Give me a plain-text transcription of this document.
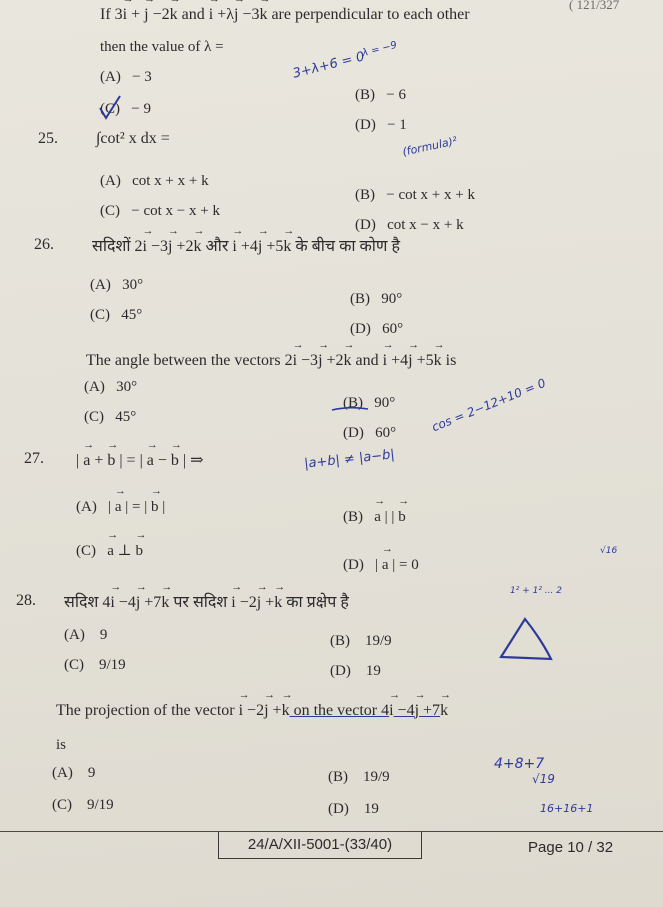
( 121/327
If 3→ i + → j −2→ k and → i +λ→ j −3→ k are perpendicular to each other
then the value of λ =
(A) − 3
(B) − 6
(C) − 9
(D) − 1
3+λ+6 = 0
λ = −9
25. ∫cot² x dx =	(formula)²
(A) cot x + x + k
(B) − cot x + x + k
(C) − cot x − x + k
(D) cot x − x + k
26. सदिशों 2→ i −3→ j +2→ k और → i +4→ j +5→ k के बीच का कोण है
(A) 30°
(B) 90°
(C) 45°
(D) 60°
The angle between the vectors 2→ i −3→ j +2→ k and → i +4→ j +5→ k is
(A) 30°
(B) 90°
(C) 45°
(D) 60°	cos = 2−12+10 = 0
27. | → a + → b | = | → a − → b | ⇒	|a+b| ≠ |a−b|
(A) | → a | = | → b |
(B) → a | | → b
(C) → a ⊥ → b
(D) | → a | = 0
√16
28. सदिश 4→ i −4→ j +7→ k पर सदिश → i −2→ j +→ k का प्रक्षेप है
1² + 1² ... 2
(A) 9	(B) 19/9
(C) 9/19	(D) 19
The projection of the vector → i −2→ j +→ k on the vector 4→ i −4→ j +7→ k
is
(A) 9	(B) 19/9
(C) 9/19	(D) 19
4+8+7
√19
16+16+1
24/A/XII-5001-(33/40)	Page 10 / 32
